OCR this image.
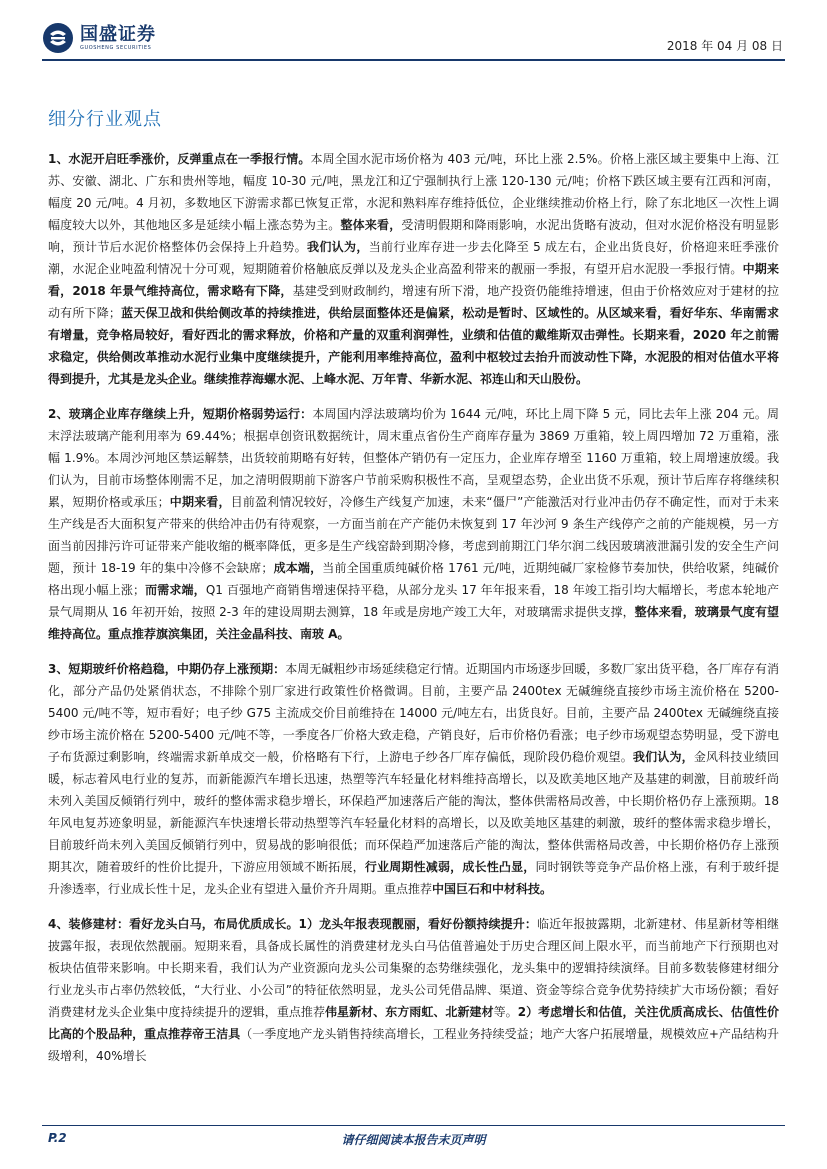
国盛证券
GUOSHENG SECURITIES	2018 年 04 月 08 日
细分行业观点

1、水泥开启旺季涨价，反弹重点在一季报行情。本周全国水泥市场价格为 403 元/吨，环比上涨 2.5%。价格上涨区域主要集中上海、江苏、安徽、湖北、广东和贵州等地，幅度 10-30 元/吨，黑龙江和辽宁强制执行上涨 120-130 元/吨；价格下跌区域主要有江西和河南，幅度 20 元/吨。4 月初，多数地区下游需求都已恢复正常，水泥和熟料库存维持低位，企业继续推动价格上行，除了东北地区一次性上调幅度较大以外，其他地区多是延续小幅上涨态势为主。整体来看，受清明假期和降雨影响，水泥出货略有波动，但对水泥价格没有明显影响，预计节后水泥价格整体仍会保持上升趋势。我们认为，当前行业库存进一步去化降至 5 成左右，企业出货良好，价格迎来旺季涨价潮，水泥企业吨盈利情况十分可观，短期随着价格触底反弹以及龙头企业高盈利带来的靓丽一季报，有望开启水泥股一季报行情。中期来看，2018 年景气维持高位，需求略有下降，基建受到财政制约，增速有所下滑，地产投资仍能维持增速，但由于价格效应对于建材的拉动有所下降；蓝天保卫战和供给侧改革的持续推进，供给层面整体还是偏紧，松动是暂时、区域性的。从区域来看，看好华东、华南需求有增量，竞争格局较好，看好西北的需求释放，价格和产量的双重利润弹性，业绩和估值的戴维斯双击弹性。长期来看，2020 年之前需求稳定，供给侧改革推动水泥行业集中度继续提升，产能利用率维持高位，盈利中枢较过去抬升而波动性下降，水泥股的相对估值水平将得到提升，尤其是龙头企业。继续推荐海螺水泥、上峰水泥、万年青、华新水泥、祁连山和天山股份。

2、玻璃企业库存继续上升，短期价格弱势运行：本周国内浮法玻璃均价为 1644 元/吨，环比上周下降 5 元，同比去年上涨 204 元。周末浮法玻璃产能利用率为 69.44%；根据卓创资讯数据统计，周末重点省份生产商库存量为 3869 万重箱，较上周四增加 72 万重箱，涨幅 1.9%。本周沙河地区禁运解禁，出货较前期略有好转，但整体产销仍有一定压力，企业库存增至 1160 万重箱，较上周增速放缓。我们认为，目前市场整体刚需不足，加之清明假期前下游客户节前采购积极性不高，呈观望态势，企业出货不乐观，预计节后库存将继续积累，短期价格或承压；中期来看，目前盈利情况较好，冷修生产线复产加速，未来“僵尸”产能激活对行业冲击仍存不确定性，而对于未来生产线是否大面积复产带来的供给冲击仍有待观察，一方面当前在产产能仍未恢复到 17 年沙河 9 条生产线停产之前的产能规模，另一方面当前因排污许可证带来产能收缩的概率降低，更多是生产线窑龄到期冷修，考虑到前期江门华尔润二线因玻璃液泄漏引发的安全生产问题，预计 18-19 年的集中冷修不会缺席；成本端，当前全国重质纯碱价格 1761 元/吨，近期纯碱厂家检修节奏加快，供给收紧，纯碱价格出现小幅上涨；而需求端，Q1 百强地产商销售增速保持平稳，从部分龙头 17 年年报来看，18 年竣工指引均大幅增长，考虑本轮地产景气周期从 16 年初开始，按照 2-3 年的建设周期去测算，18 年或是房地产竣工大年，对玻璃需求提供支撑，整体来看，玻璃景气度有望维持高位。重点推荐旗滨集团，关注金晶科技、南玻 A。

3、短期玻纤价格趋稳，中期仍存上涨预期：本周无碱粗纱市场延续稳定行情。近期国内市场逐步回暖，多数厂家出货平稳，各厂库存有消化，部分产品仍处紧俏状态，不排除个别厂家进行政策性价格微调。目前，主要产品 2400tex 无碱缠绕直接纱市场主流价格在 5200-5400 元/吨不等，短市看好；电子纱 G75 主流成交价目前维持在 14000 元/吨左右，出货良好。目前，主要产品 2400tex 无碱缠绕直接纱市场主流价格在 5200-5400 元/吨不等，一季度各厂价格大致走稳，产销良好，后市价格仍看涨；电子纱市场观望态势明显，受下游电子布货源过剩影响，终端需求新单成交一般，价格略有下行，上游电子纱各厂库存偏低，现阶段仍稳价观望。我们认为，金风科技业绩回暖，标志着风电行业的复苏，而新能源汽车增长迅速，热塑等汽车轻量化材料维持高增长，以及欧美地区地产及基建的刺激，目前玻纤尚未列入美国反倾销行列中，玻纤的整体需求稳步增长，环保趋严加速落后产能的淘汰，整体供需格局改善，中长期价格仍存上涨预期。18 年风电复苏迹象明显，新能源汽车快速增长带动热塑等汽车轻量化材料的高增长，以及欧美地区基建的刺激，玻纤的整体需求稳步增长，目前玻纤尚未列入美国反倾销行列中，贸易战的影响很低；而环保趋严加速落后产能的淘汰，整体供需格局改善，中长期价格仍存上涨预期其次，随着玻纤的性价比提升，下游应用领域不断拓展，行业周期性减弱，成长性凸显，同时钢铁等竞争产品价格上涨，有利于玻纤提升渗透率，行业成长性十足，龙头企业有望进入量价齐升周期。重点推荐中国巨石和中材科技。

4、装修建材：看好龙头白马，布局优质成长。1）龙头年报表现靓丽，看好份额持续提升：临近年报披露期，北新建材、伟星新材等相继披露年报，表现依然靓丽。短期来看，具备成长属性的消费建材龙头白马估值普遍处于历史合理区间上限水平，而当前地产下行预期也对板块估值带来影响。中长期来看，我们认为产业资源向龙头公司集聚的态势继续强化，龙头集中的逻辑持续演绎。目前多数装修建材细分行业龙头市占率仍然较低，“大行业、小公司”的特征依然明显，龙头公司凭借品牌、渠道、资金等综合竞争优势持续扩大市场份额；看好消费建材龙头企业集中度持续提升的逻辑，重点推荐伟星新材、东方雨虹、北新建材等。2）考虑增长和估值，关注优质高成长、估值性价比高的个股品种，重点推荐帝王洁具（一季度地产龙头销售持续高增长，工程业务持续受益；地产大客户拓展增量，规模效应+产品结构升级增利，40%增长

P.2	请仔细阅读本报告末页声明
